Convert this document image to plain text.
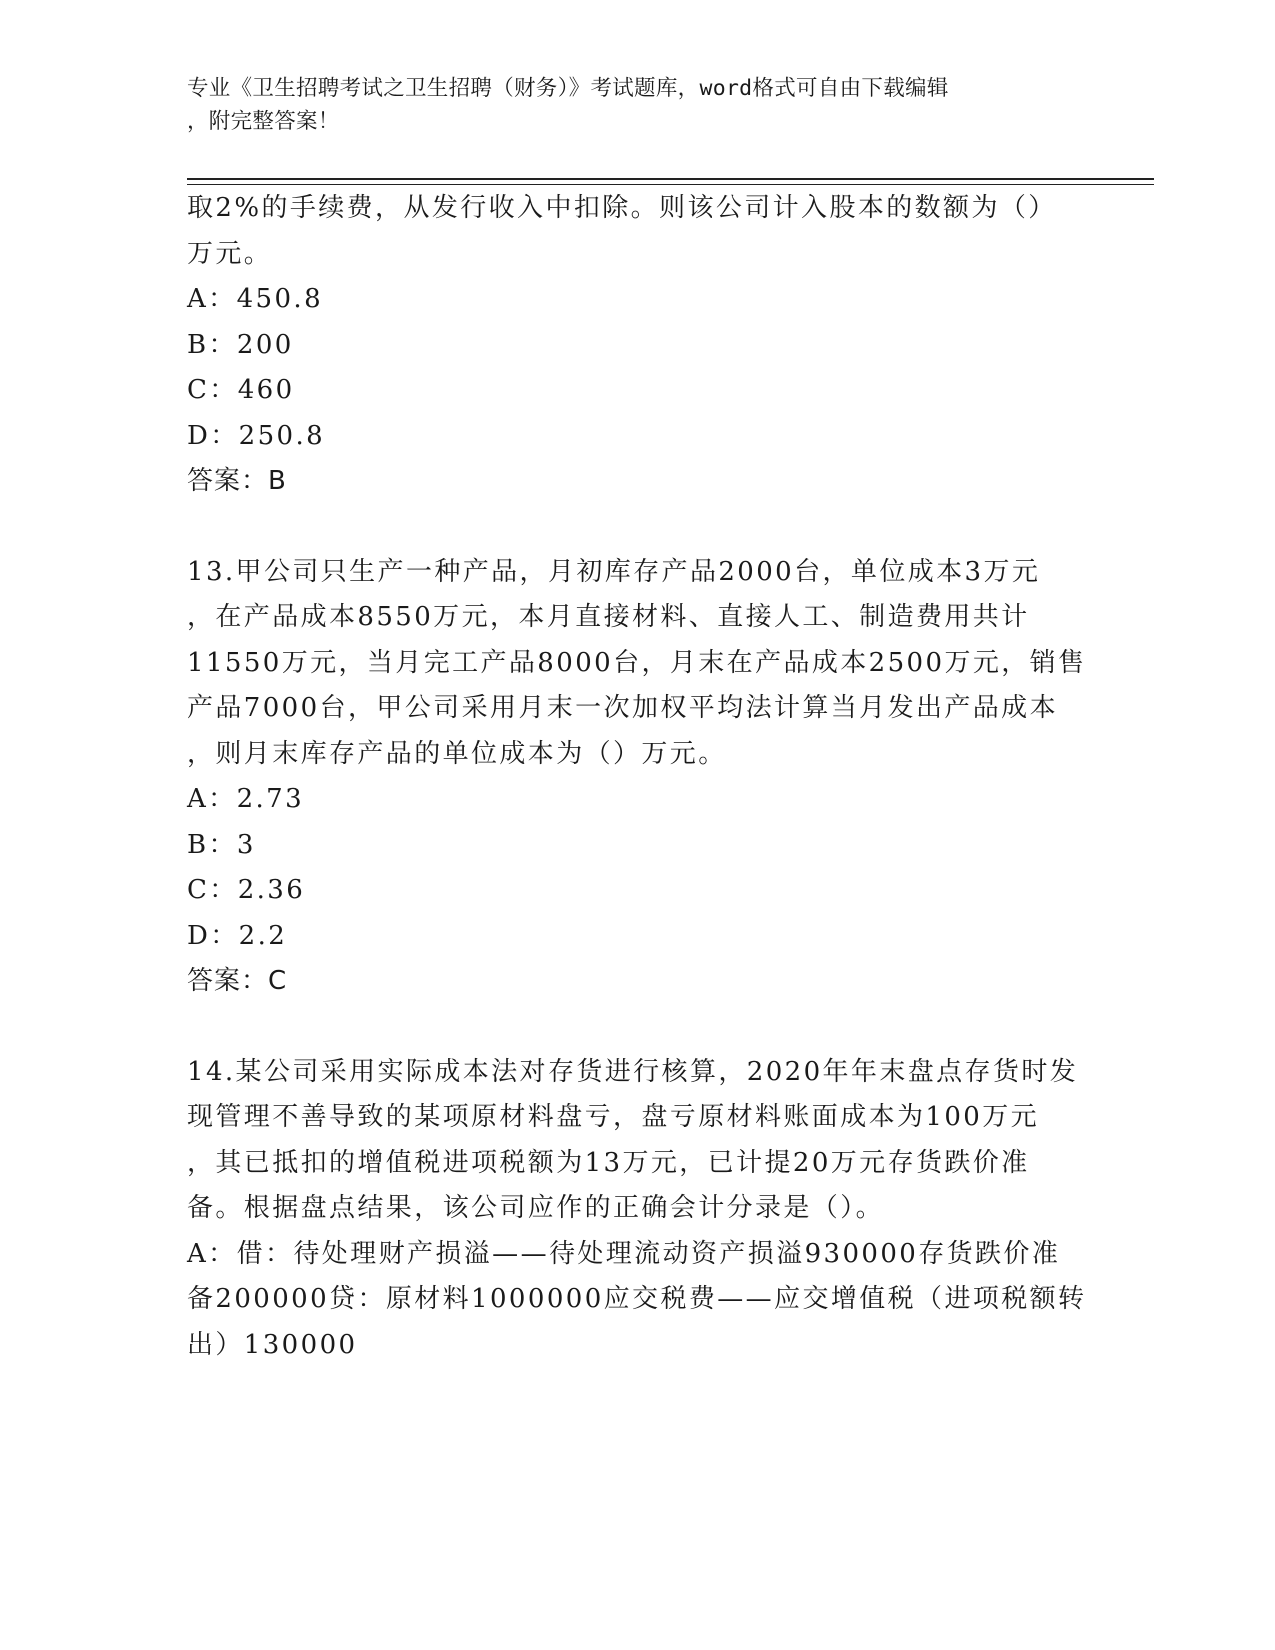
专业《卫生招聘考试之卫生招聘（财务）》考试题库，word格式可自由下载编辑
，附完整答案！
取2%的手续费，从发行收入中扣除。则该公司计入股本的数额为（）
万元。
A：450.8
B：200
C：460
D：250.8
答案：B
13.甲公司只生产一种产品，月初库存产品2000台，单位成本3万元
，在产品成本8550万元，本月直接材料、直接人工、制造费用共计
11550万元，当月完工产品8000台，月末在产品成本2500万元，销售
产品7000台，甲公司采用月末一次加权平均法计算当月发出产品成本
，则月末库存产品的单位成本为（）万元。
A：2.73
B：3
C：2.36
D：2.2
答案：C
14.某公司采用实际成本法对存货进行核算，2020年年末盘点存货时发
现管理不善导致的某项原材料盘亏，盘亏原材料账面成本为100万元
，其已抵扣的增值税进项税额为13万元，已计提20万元存货跌价准
备。根据盘点结果，该公司应作的正确会计分录是（）。
A：借：待处理财产损溢——待处理流动资产损溢930000存货跌价准
备200000贷：原材料1000000应交税费——应交增值税（进项税额转
出）130000
